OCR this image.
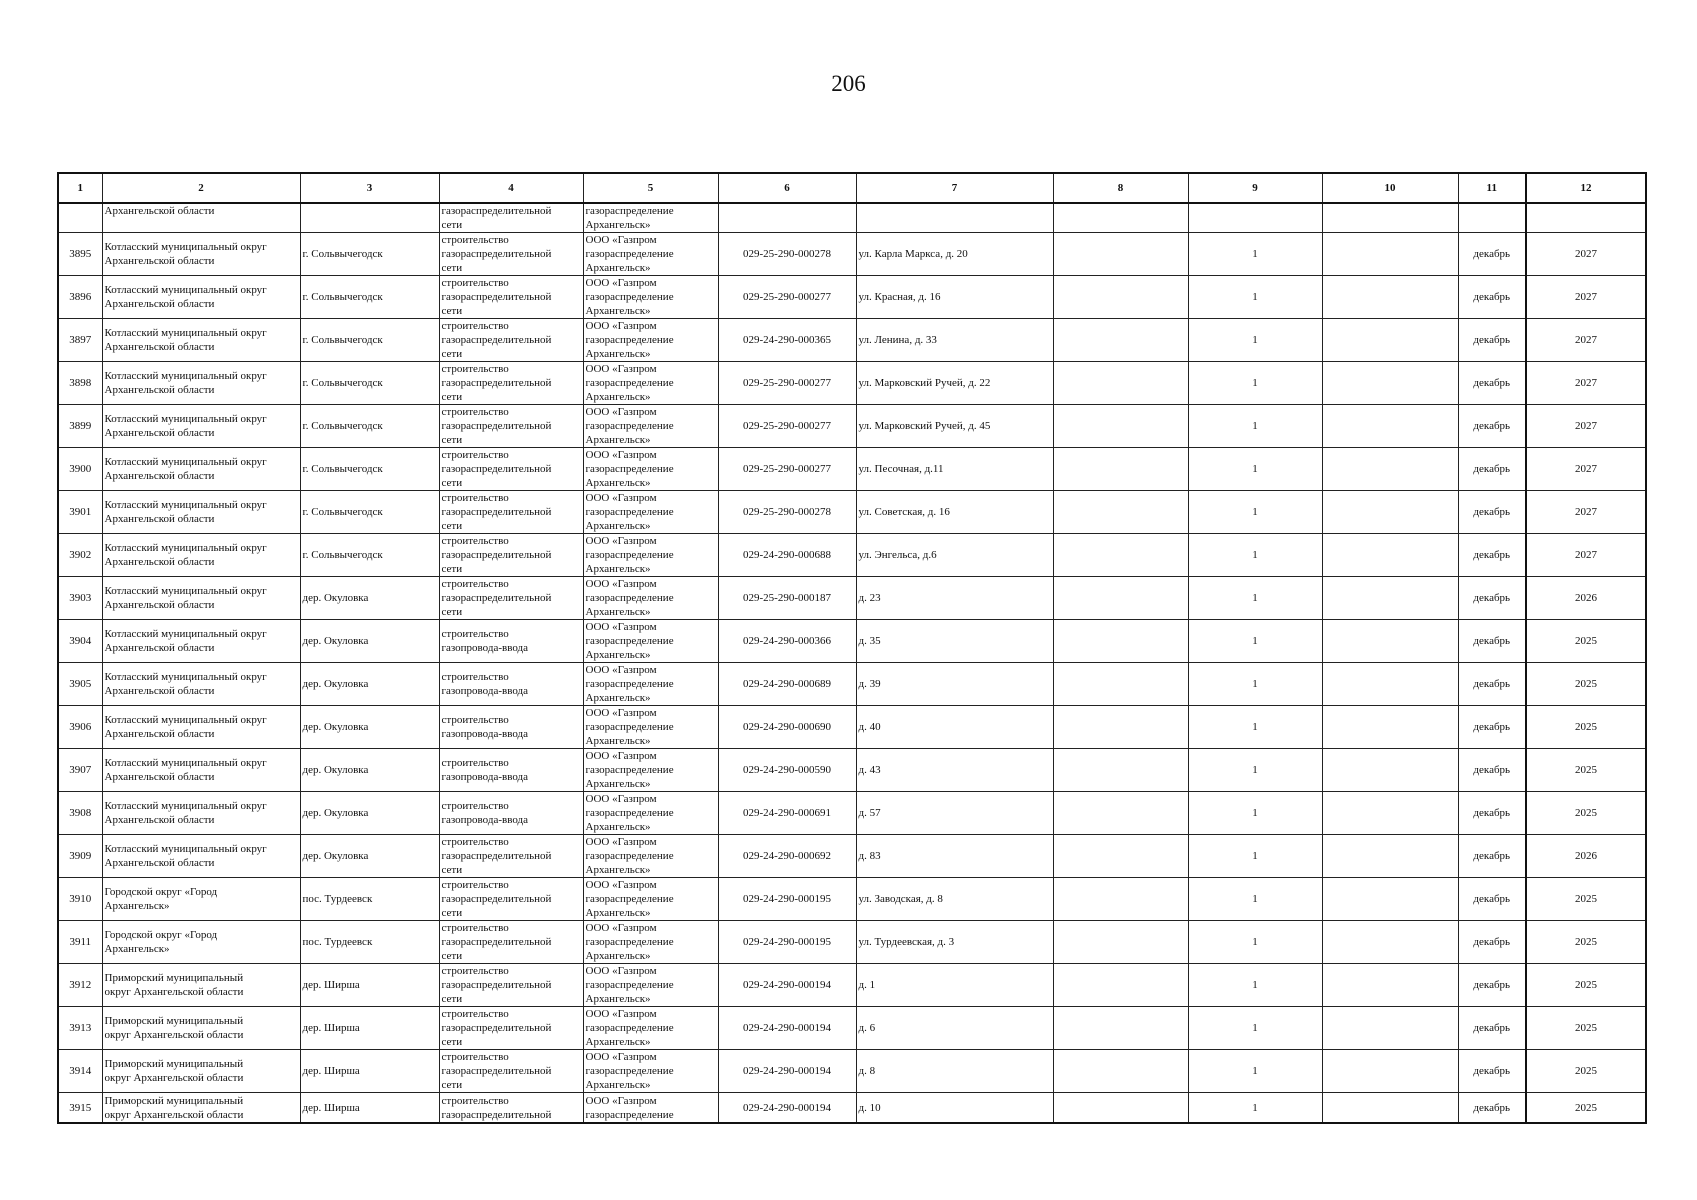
206
1	2	3	4	5	6	7	8	9	10	11	12
	Архангельской области		газораспределительной
сети	газораспределение
Архангельск»							
3895	Котласский муниципальный округ
Архангельской области	г. Сольвычегодск	строительство
газораспределительной
сети	ООО «Газпром
газораспределение
Архангельск»	029-25-290-000278	ул. Карла Маркса, д. 20		1		декабрь	2027
3896	Котласский муниципальный округ
Архангельской области	г. Сольвычегодск	строительство
газораспределительной
сети	ООО «Газпром
газораспределение
Архангельск»	029-25-290-000277	ул. Красная, д. 16		1		декабрь	2027
3897	Котласский муниципальный округ
Архангельской области	г. Сольвычегодск	строительство
газораспределительной
сети	ООО «Газпром
газораспределение
Архангельск»	029-24-290-000365	ул. Ленина, д. 33		1		декабрь	2027
3898	Котласский муниципальный округ
Архангельской области	г. Сольвычегодск	строительство
газораспределительной
сети	ООО «Газпром
газораспределение
Архангельск»	029-25-290-000277	ул. Марковский Ручей, д. 22		1		декабрь	2027
3899	Котласский муниципальный округ
Архангельской области	г. Сольвычегодск	строительство
газораспределительной
сети	ООО «Газпром
газораспределение
Архангельск»	029-25-290-000277	ул. Марковский Ручей, д. 45		1		декабрь	2027
3900	Котласский муниципальный округ
Архангельской области	г. Сольвычегодск	строительство
газораспределительной
сети	ООО «Газпром
газораспределение
Архангельск»	029-25-290-000277	ул. Песочная, д.11		1		декабрь	2027
3901	Котласский муниципальный округ
Архангельской области	г. Сольвычегодск	строительство
газораспределительной
сети	ООО «Газпром
газораспределение
Архангельск»	029-25-290-000278	ул. Советская, д. 16		1		декабрь	2027
3902	Котласский муниципальный округ
Архангельской области	г. Сольвычегодск	строительство
газораспределительной
сети	ООО «Газпром
газораспределение
Архангельск»	029-24-290-000688	ул. Энгельса, д.6		1		декабрь	2027
3903	Котласский муниципальный округ
Архангельской области	дер. Окуловка	строительство
газораспределительной
сети	ООО «Газпром
газораспределение
Архангельск»	029-25-290-000187	д. 23		1		декабрь	2026
3904	Котласский муниципальный округ
Архангельской области	дер. Окуловка	строительство
газопровода-ввода	ООО «Газпром
газораспределение
Архангельск»	029-24-290-000366	д. 35		1		декабрь	2025
3905	Котласский муниципальный округ
Архангельской области	дер. Окуловка	строительство
газопровода-ввода	ООО «Газпром
газораспределение
Архангельск»	029-24-290-000689	д. 39		1		декабрь	2025
3906	Котласский муниципальный округ
Архангельской области	дер. Окуловка	строительство
газопровода-ввода	ООО «Газпром
газораспределение
Архангельск»	029-24-290-000690	д. 40		1		декабрь	2025
3907	Котласский муниципальный округ
Архангельской области	дер. Окуловка	строительство
газопровода-ввода	ООО «Газпром
газораспределение
Архангельск»	029-24-290-000590	д. 43		1		декабрь	2025
3908	Котласский муниципальный округ
Архангельской области	дер. Окуловка	строительство
газопровода-ввода	ООО «Газпром
газораспределение
Архангельск»	029-24-290-000691	д. 57		1		декабрь	2025
3909	Котласский муниципальный округ
Архангельской области	дер. Окуловка	строительство
газораспределительной
сети	ООО «Газпром
газораспределение
Архангельск»	029-24-290-000692	д. 83		1		декабрь	2026
3910	Городской округ «Город
Архангельск»	пос. Турдеевск	строительство
газораспределительной
сети	ООО «Газпром
газораспределение
Архангельск»	029-24-290-000195	ул. Заводская, д. 8		1		декабрь	2025
3911	Городской округ «Город
Архангельск»	пос. Турдеевск	строительство
газораспределительной
сети	ООО «Газпром
газораспределение
Архангельск»	029-24-290-000195	ул. Турдеевская, д. 3		1		декабрь	2025
3912	Приморский муниципальный
округ Архангельской области	дер. Ширша	строительство
газораспределительной
сети	ООО «Газпром
газораспределение
Архангельск»	029-24-290-000194	д. 1		1		декабрь	2025
3913	Приморский муниципальный
округ Архангельской области	дер. Ширша	строительство
газораспределительной
сети	ООО «Газпром
газораспределение
Архангельск»	029-24-290-000194	д. 6		1		декабрь	2025
3914	Приморский муниципальный
округ Архангельской области	дер. Ширша	строительство
газораспределительной
сети	ООО «Газпром
газораспределение
Архангельск»	029-24-290-000194	д. 8		1		декабрь	2025
3915	Приморский муниципальный
округ Архангельской области	дер. Ширша	строительство
газораспределительной	ООО «Газпром
газораспределение	029-24-290-000194	д. 10		1		декабрь	2025
